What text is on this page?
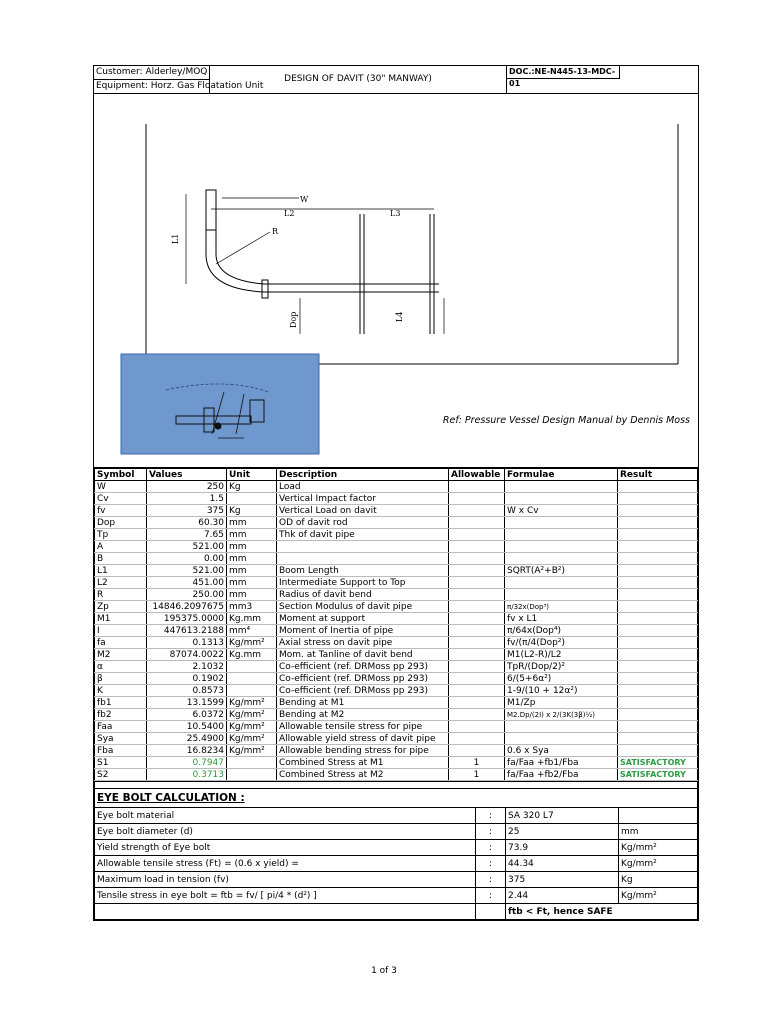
Customer: Alderley/MOQ
Equipment: Horz. Gas Floatation Unit
DESIGN OF DAVIT (30" MANWAY)
DOC.:NE-N445-13-MDC-01
L2	L3
L1
R
W
Dop	L4
Ref: Pressure Vessel Design Manual by Dennis Moss
Symbol	Values	Unit	Description	Allowable	Formulae	Result
W	250	Kg	Load			
Cv	1.5		Vertical Impact factor			
fv	375	Kg	Vertical Load on davit		W x Cv	
Dop	60.30	mm	OD of davit rod			
Tp	7.65	mm	Thk of davit pipe			
A	521.00	mm				
B	0.00	mm				
L1	521.00	mm	Boom Length		SQRT(A²+B²)	
L2	451.00	mm	Intermediate Support to Top			
R	250.00	mm	Radius of davit bend			
Zp	14846.2097675	mm3	Section Modulus of davit pipe		π/32x(Dop³)	
M1	195375.0000	Kg.mm	Moment at support		fv x L1	
I	447613.2188	mm⁴	Moment of Inertia of pipe		π/64x(Dop⁴)	
fa	0.1313	Kg/mm²	Axial stress on davit pipe		fv/(π/4(Dop²)	
M2	87074.0022	Kg.mm	Mom. at Tanline of davit bend		M1(L2-R)/L2	
α	2.1032		Co-efficient (ref. DRMoss pp 293)		TpR/(Dop/2)²	
β	0.1902		Co-efficient (ref. DRMoss pp 293)		6/(5+6α²)	
K	0.8573		Co-efficient (ref. DRMoss pp 293)		1-9/(10 + 12α²)	
fb1	13.1599	Kg/mm²	Bending at M1		M1/Zp	
fb2	6.0372	Kg/mm²	Bending at M2		M2.Dp/(2I) x 2/(3K(3β)½)	
Faa	10.5400	Kg/mm²	Allowable tensile stress for pipe			
Sya	25.4900	Kg/mm²	Allowable yield stress of davit pipe			
Fba	16.8234	Kg/mm²	Allowable bending stress for pipe		0.6 x Sya	
S1	0.7947		Combined Stress at M1	1	fa/Faa +fb1/Fba	SATISFACTORY
S2	0.3713		Combined Stress at M2	1	fa/Faa +fb2/Fba	SATISFACTORY

EYE BOLT CALCULATION :			
Eye bolt material	:	SA 320 L7	
Eye bolt diameter (d)	:	25	mm
Yield strength of Eye bolt	:	73.9	Kg/mm²
Allowable tensile stress (Ft) = (0.6 x yield) =	:	44.34	Kg/mm²
Maximum load in tension (fv)	:	375	Kg
Tensile stress in eye bolt = ftb = fv/ [ pi/4 * (d²) ]	:	2.44	Kg/mm²
		ftb < Ft, hence SAFE	
1 of 3
